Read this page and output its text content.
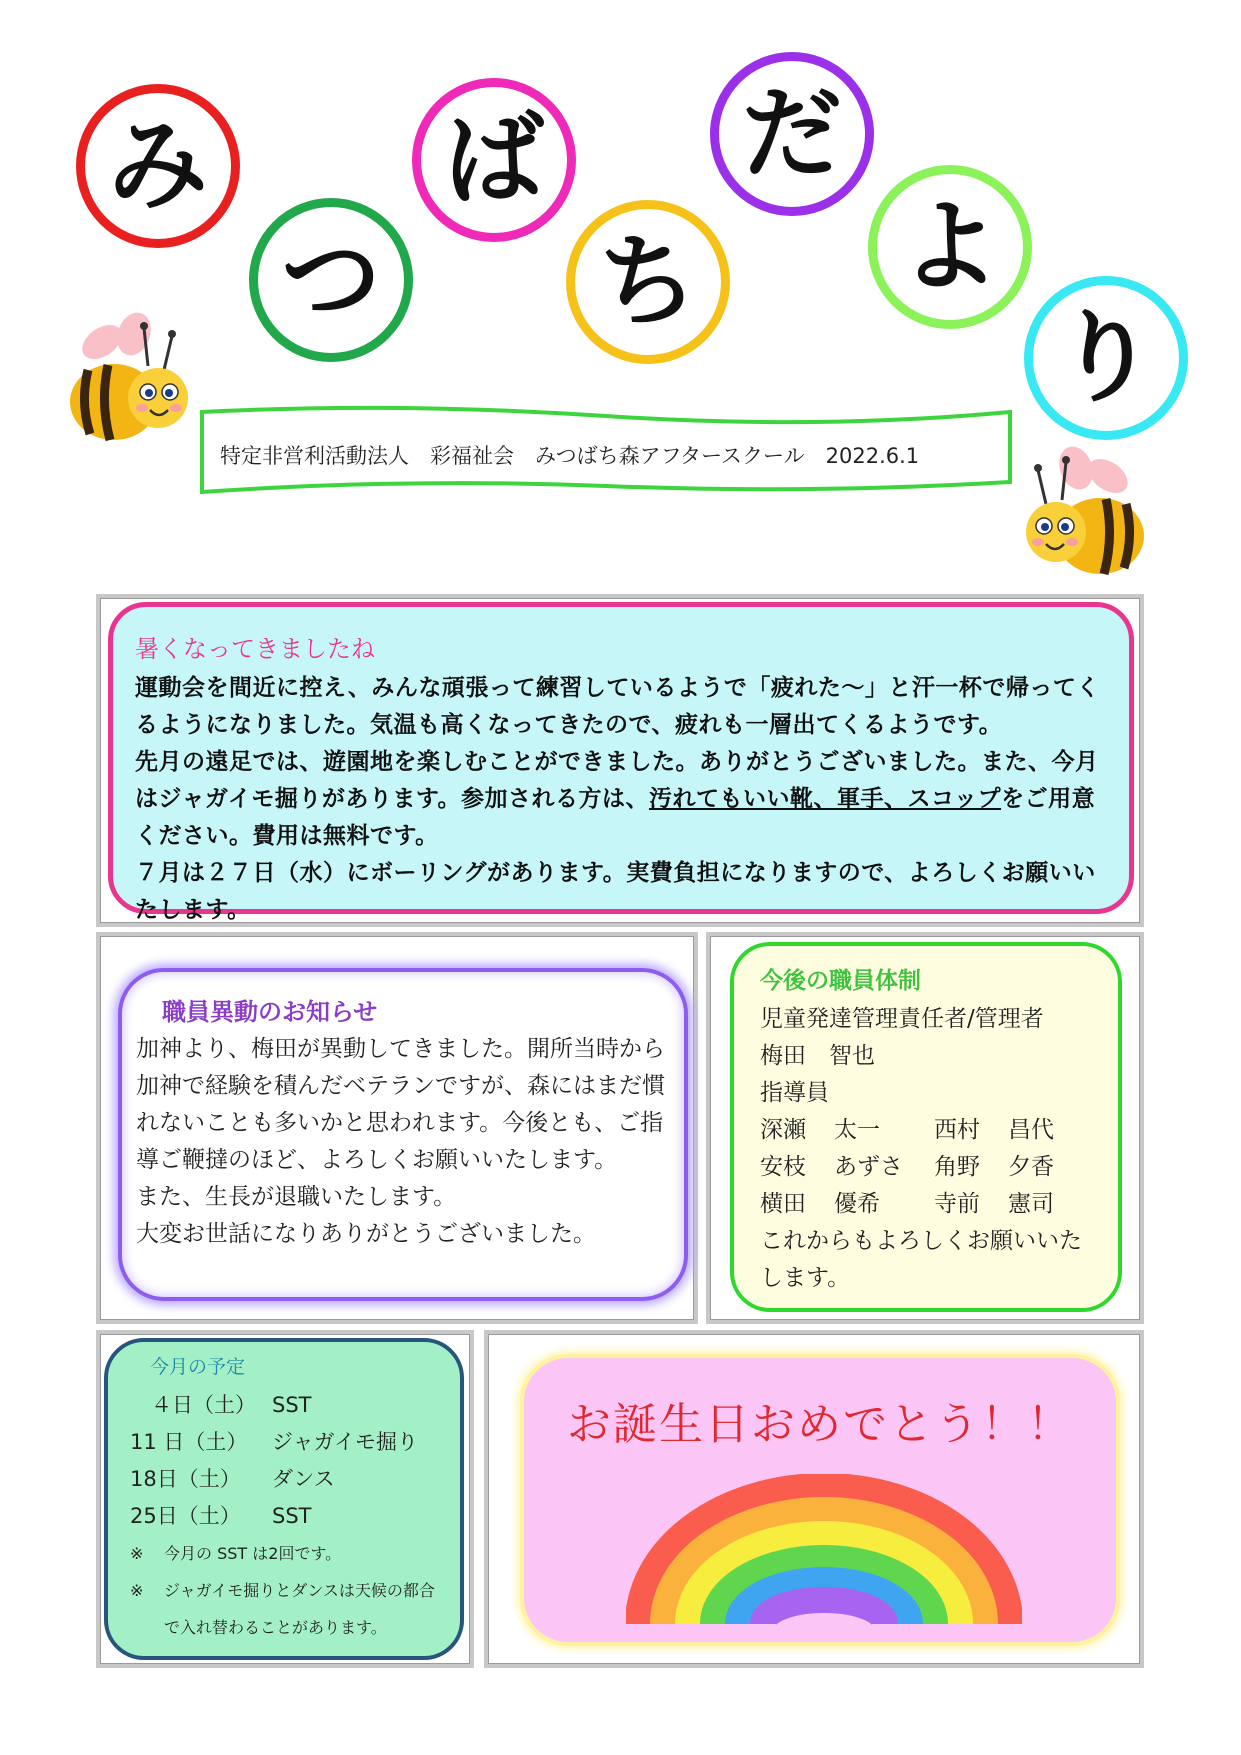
み
つ
ば
ち
だ
よ
り
特定非営利活動法人　彩福祉会　みつばち森アフタースクール　2022.6.1
暑くなってきましたね

運動会を間近に控え、みんな頑張って練習しているようで「疲れた～」と汗一杯で帰ってくるようになりました。気温も高くなってきたので、疲れも一層出てくるようです。

先月の遠足では、遊園地を楽しむことができました。ありがとうございました。また、今月はジャガイモ掘りがあります。参加される方は、汚れてもいい靴、軍手、スコップをご用意ください。費用は無料です。

７月は２７日（水）にボーリングがあります。実費負担になりますので、よろしくお願いいたします。

職員異動のお知らせ

加神より、梅田が異動してきました。開所当時から加神で経験を積んだベテランですが、森にはまだ慣れないことも多いかと思われます。今後とも、ご指導ご鞭撻のほど、よろしくお願いいたします。

また、生長が退職いたします。

大変お世話になりありがとうございました。

今後の職員体制
児童発達管理責任者/管理者
梅田　智也
指導員
深瀬 太一 西村 昌代
安枝 あずさ 角野 夕香
横田 優希 寺前 憲司
これからもよろしくお願いいたします。
今月の予定
　４日（土） SST
11 日（土） ジャガイモ掘り
18日（土） ダンス
25日（土） SST
※ 今月の SST は2回です。
※	ジャガイモ掘りとダンスは天候の都合で入れ替わることがあります。
お誕生日おめでとう！！
